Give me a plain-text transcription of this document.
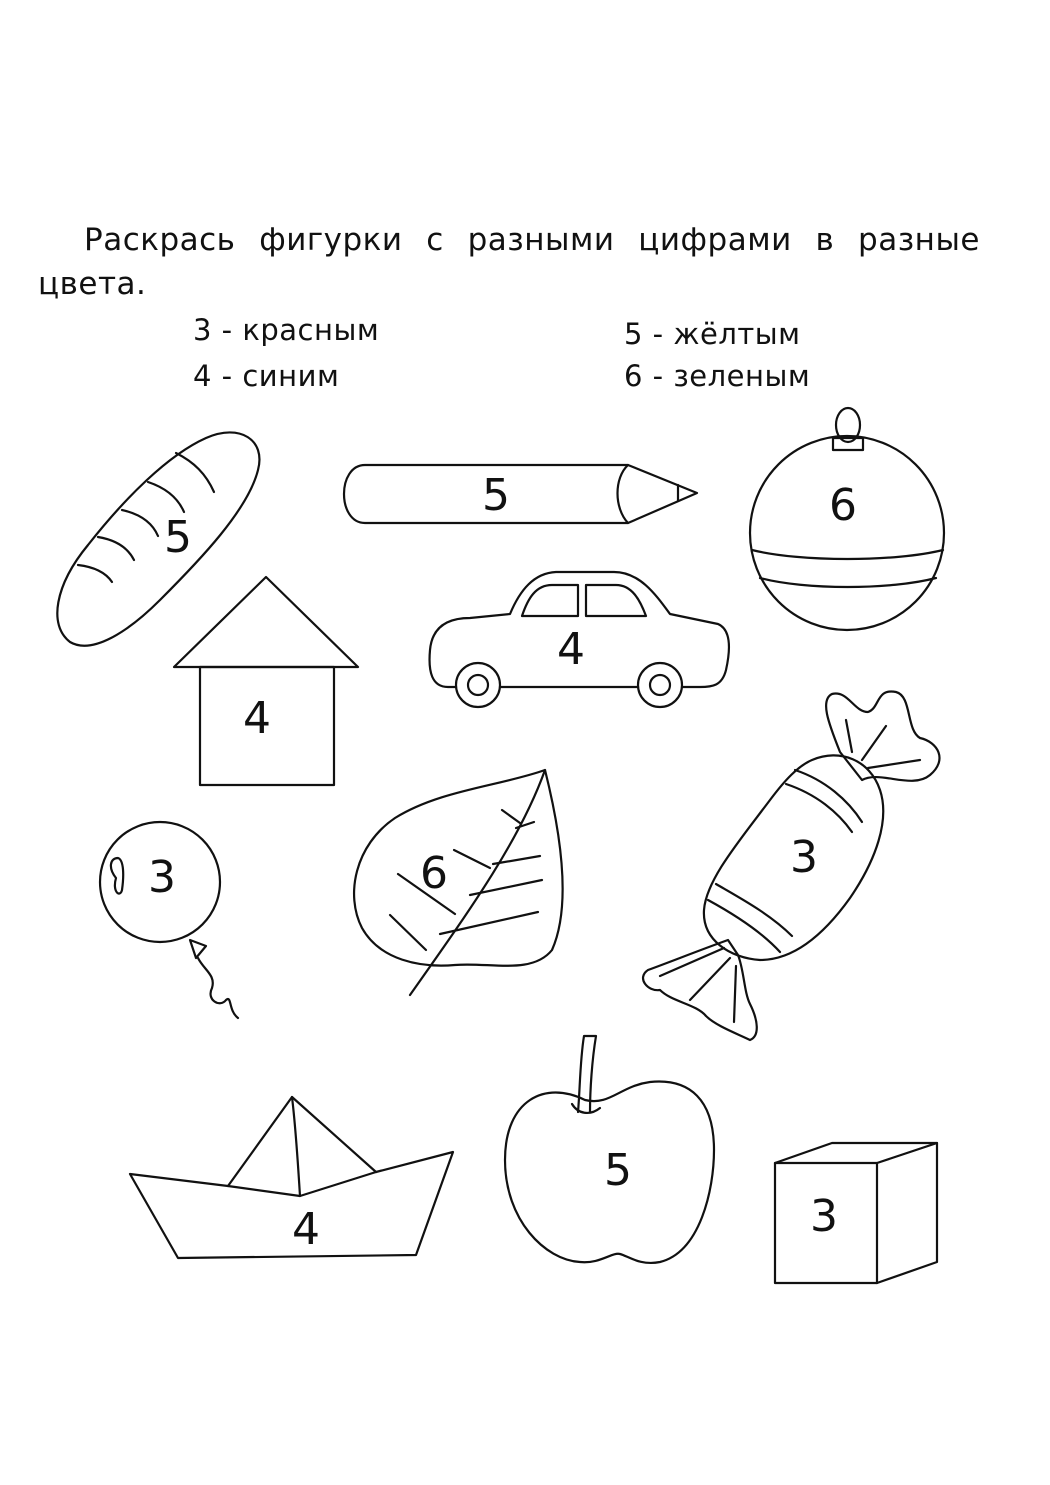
Раскрась фигурки с разными цифрами в разные цвета.

3 - красным
4 - синим
5 - жёлтым
6 - зеленым
5
5	6
4
4
3	6	3
4
5
3
